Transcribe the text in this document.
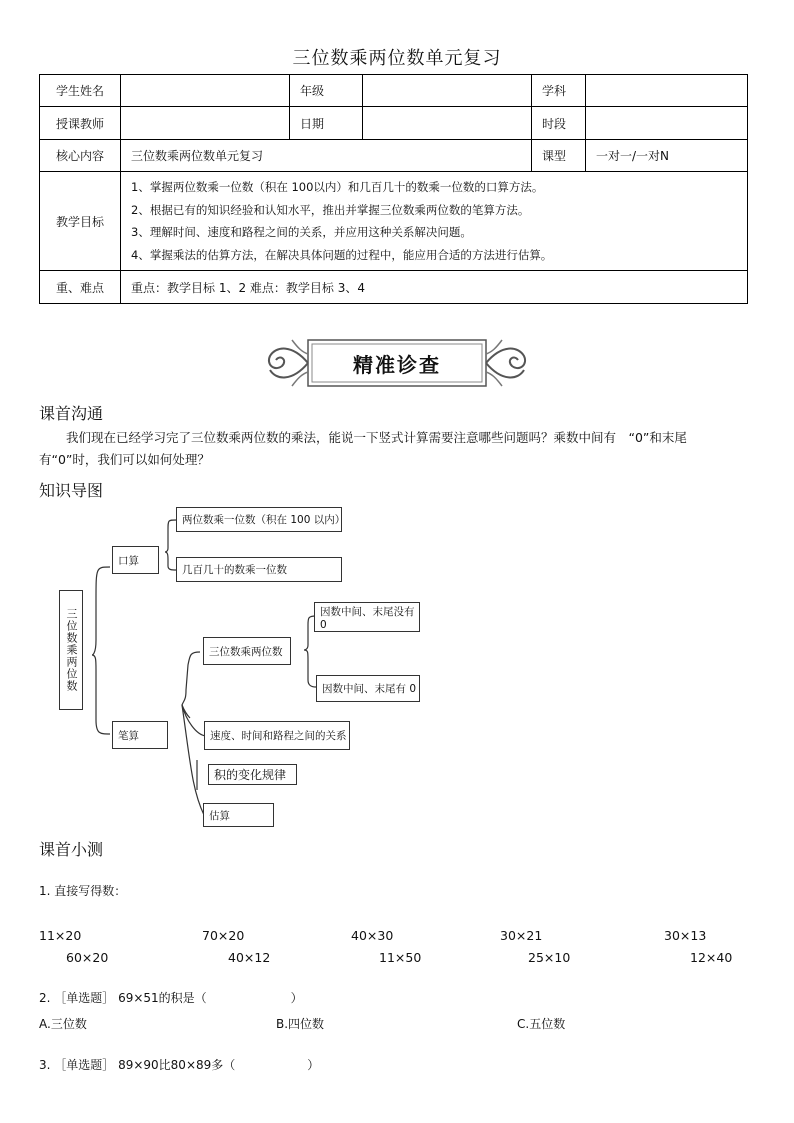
三位数乘两位数单元复习
学生姓名		年级		学科	
授课教师		日期		时段	
核心内容	三位数乘两位数单元复习			课型	一对一/一对N
教学目标	1、掌握两位数乘一位数（积在 100以内）和几百几十的数乘一位数的口算方法。
2、根据已有的知识经验和认知水平，推出并掌握三位数乘两位数的笔算方法。
3、理解时间、速度和路程之间的关系，并应用这种关系解决问题。
4、掌握乘法的估算方法，在解决具体问题的过程中，能应用合适的方法进行估算。				

重、难点	重点：教学目标 1、2 难点：教学目标 3、4				
精准诊查
课首沟通
我们现在已经学习完了三位数乘两位数的乘法，能说一下竖式计算需要注意哪些问题吗？乘数中间有　“0”和末尾
有“0”时，我们可以如何处理？
知识导图
三位数乘两位数
口算
两位数乘一位数（积在 100 以内）
几百几十的数乘一位数
笔算
三位数乘两位数
因数中间、末尾没有 0
因数中间、末尾有 0
速度、时间和路程之间的关系
积的变化规律
估算
课首小测
1. 直接写得数：
11×20	70×20	40×30	30×21	30×13
60×20	40×12	11×50	25×10	12×40
2. ［单选题］ 69×51的积是（　　　　　　　）
A.三位数	B.四位数	C.五位数
3. ［单选题］ 89×90比80×89多（　　　　　　）
